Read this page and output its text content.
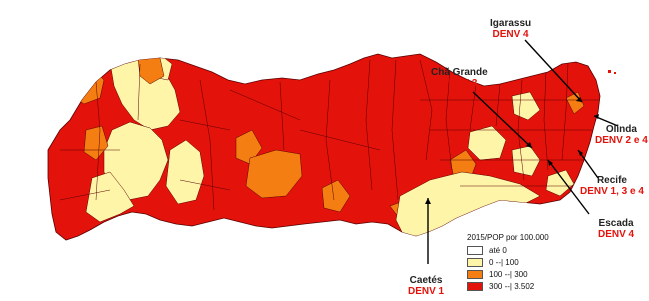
Igarassu
DENV 4
Chã Grande
DENV 3
Olinda
DENV 2 e 4
Recife
DENV 1, 3 e 4
Escada
DENV 4
Caetés
DENV 1
2015/POP por 100.000
até 0
0 --| 100
100 --| 300
300 --| 3.502
